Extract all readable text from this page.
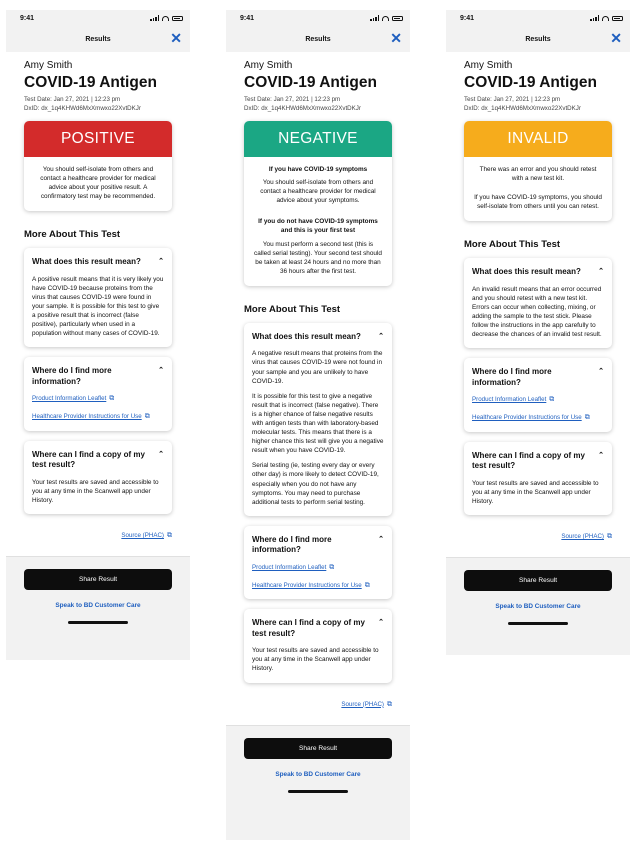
9:41
Results	✕
Amy Smith
COVID-19 Antigen
Test Date: Jan 27, 2021 | 12:23 pm
DxID: dx_1q4KHWd6MxXmwxo22XvtDKJr
POSITIVE

You should self-isolate from others and contact a healthcare provider for medical advice about your positive result. A confirmatory test may be recommended.

More About This Test
What does this result mean? ⌃

A positive result means that it is very likely you have COVID-19 because proteins from the virus that causes COVID-19 were found in your sample. It is possible for this test to give a positive result that is incorrect (false positive), particularly when used in a population without many cases of COVID-19.

Where do I find more information?
⌃
Product Information Leaflet ⧉
Healthcare Provider Instructions for Use ⧉
Where can I find a copy of my test result?
⌃

Your test results are saved and accessible to you at any time in the Scanwell app under History.

Source (PHAC) ⧉
Share Result
Speak to BD Customer Care
9:41
Results	✕
Amy Smith
COVID-19 Antigen
Test Date: Jan 27, 2021 | 12:23 pm
DxID: dx_1q4KHWd6MxXmwxo22XvtDKJr
NEGATIVE

If you have COVID-19 symptoms

You should self-isolate from others and contact a healthcare provider for medical advice about your symptoms.

If you do not have COVID-19 symptoms and this is your first test

You must perform a second test (this is called serial testing). Your second test should be taken at least 24 hours and no more than 36 hours after the first test.

More About This Test
What does this result mean? ⌃

A negative result means that proteins from the virus that causes COVID-19 were not found in your sample and you are unlikely to have COVID-19.

It is possible for this test to give a negative result that is incorrect (false negative). There is a higher chance of false negative results with antigen tests than with laboratory-based molecular tests. This means that there is a higher chance this test will give you a negative result when you have COVID-19.

Serial testing (ie, testing every day or every other day) is more likely to detect COVID-19, especially when you do not have any symptoms. You may need to purchase additional tests to perform serial testing.

Where do I find more information?
⌃
Product Information Leaflet ⧉
Healthcare Provider Instructions for Use ⧉
Where can I find a copy of my test result?
⌃

Your test results are saved and accessible to you at any time in the Scanwell app under History.

Source (PHAC) ⧉
Share Result
Speak to BD Customer Care
9:41
Results	✕
Amy Smith
COVID-19 Antigen
Test Date: Jan 27, 2021 | 12:23 pm
DxID: dx_1q4KHWd6MxXmwxo22XvtDKJr
INVALID

There was an error and you should retest with a new test kit.

If you have COVID-19 symptoms, you should self-isolate from others until you can retest.

More About This Test
What does this result mean? ⌃

An invalid result means that an error occurred and you should retest with a new test kit. Errors can occur when collecting, mixing, or adding the sample to the test stick. Please follow the instructions in the app carefully to decrease the chances of an invalid test result.

Where do I find more information?
⌃
Product Information Leaflet ⧉
Healthcare Provider Instructions for Use ⧉
Where can I find a copy of my test result?
⌃

Your test results are saved and accessible to you at any time in the Scanwell app under History.

Source (PHAC) ⧉
Share Result
Speak to BD Customer Care
